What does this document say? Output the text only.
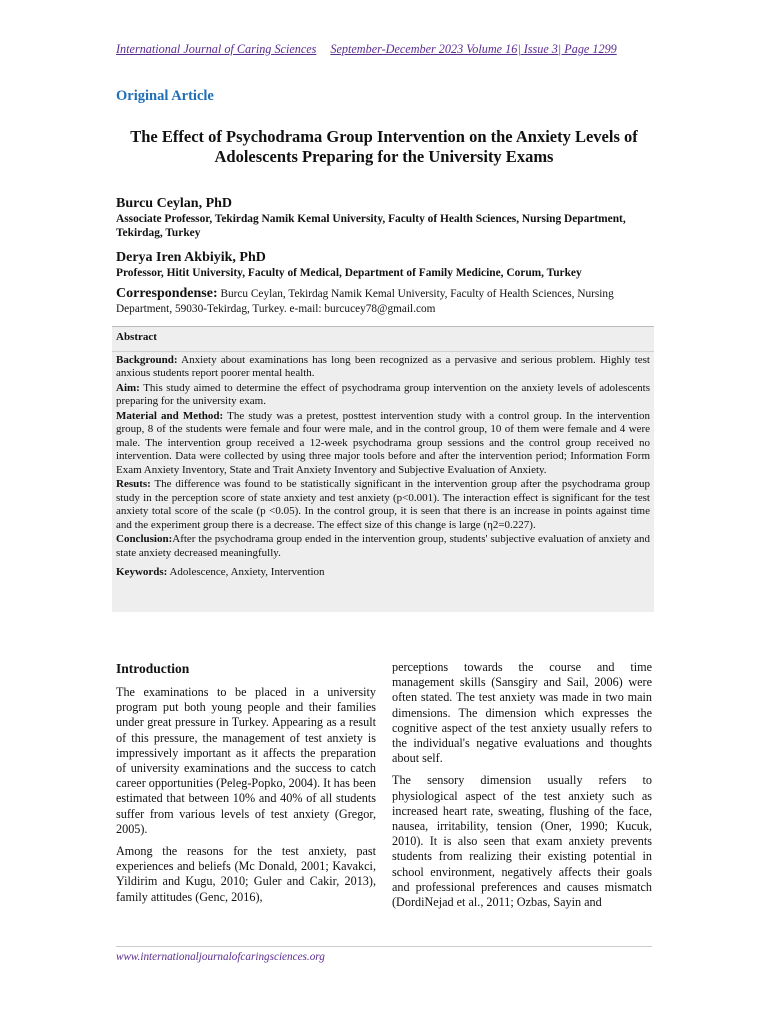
International Journal of Caring Sciences September-December 2023 Volume 16| Issue 3| Page 1299
Original Article
The Effect of Psychodrama Group Intervention on the Anxiety Levels of Adolescents Preparing for the University Exams
Burcu Ceylan, PhD
Associate Professor, Tekirdag Namik Kemal University, Faculty of Health Sciences, Nursing Department, Tekirdag, Turkey
Derya Iren Akbiyik, PhD
Professor, Hitit University, Faculty of Medical, Department of Family Medicine, Corum, Turkey
Correspondense: Burcu Ceylan, Tekirdag Namik Kemal University, Faculty of Health Sciences, Nursing Department, 59030-Tekirdag, Turkey. e-mail: burcucey78@gmail.com
Abstract

Background: Anxiety about examinations has long been recognized as a pervasive and serious problem. Highly test anxious students report poorer mental health.

Aim: This study aimed to determine the effect of psychodrama group intervention on the anxiety levels of adolescents preparing for the university exam.

Material and Method: The study was a pretest, posttest intervention study with a control group. In the intervention group, 8 of the students were female and four were male, and in the control group, 10 of them were female and 4 were male. The intervention group received a 12-week psychodrama group sessions and the control group received no intervention. Data were collected by using three major tools before and after the intervention period; Information Form Exam Anxiety Inventory, State and Trait Anxiety Inventory and Subjective Evaluation of Anxiety.

Resuts: The difference was found to be statistically significant in the intervention group after the psychodrama group study in the perception score of state anxiety and test anxiety (p<0.001). The interaction effect is significant for the test anxiety total score of the scale (p <0.05). In the control group, it is seen that there is an increase in points against time and the experiment group there is a decrease. The effect size of this change is large (η2=0.227).

Conclusion:After the psychodrama group ended in the intervention group, students' subjective evaluation of anxiety and state anxiety decreased meaningfully.

Keywords: Adolescence, Anxiety, Intervention

Introduction

The examinations to be placed in a university program put both young people and their families under great pressure in Turkey. Appearing as a result of this pressure, the management of test anxiety is impressively important as it affects the preparation of university examinations and the success to catch career opportunities (Peleg-Popko, 2004). It has been estimated that between 10% and 40% of all students suffer from various levels of test anxiety (Gregor, 2005).

Among the reasons for the test anxiety, past experiences and beliefs (Mc Donald, 2001; Kavakci, Yildirim and Kugu, 2010; Guler and Cakir, 2013), family attitudes (Genc, 2016),

perceptions towards the course and time management skills (Sansgiry and Sail, 2006) were often stated. The test anxiety was made in two main dimensions. The dimension which expresses the cognitive aspect of the test anxiety usually refers to the individual's negative evaluations and thoughts about self.

The sensory dimension usually refers to physiological aspect of the test anxiety such as increased heart rate, sweating, flushing of the face, nausea, irritability, tension (Oner, 1990; Kucuk, 2010). It is also seen that exam anxiety prevents students from realizing their existing potential in school environment, negatively affects their goals and professional preferences and causes mismatch (DordiNejad et al., 2011; Ozbas, Sayin and

www.internationaljournalofcaringsciences.org
